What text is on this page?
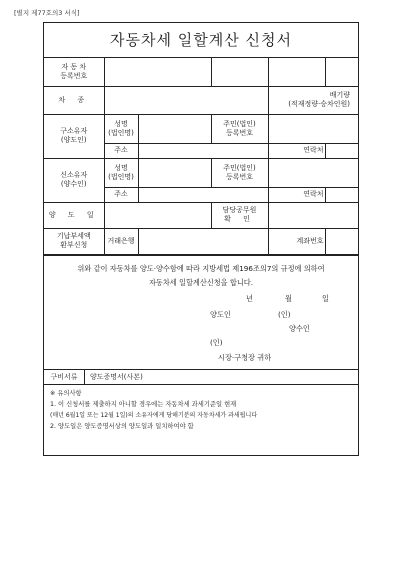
[별지 제77호의3 서식]
자동차세 일할계산 신청서
자 동 차
등록번호					

차 종				배기량
(적재정량·승차인원)	

구소유자
(양도인)	성명
(법인명)		주민(법인)
등록번호		

	주소			연락처	

신소유자
(양수인)	성명
(법인명)		주민(법인)
등록번호		

	주소			연락처	
양 도 일			담당공무원
확 인		

기납부세액
환부신청	거래은행			계좌번호	
위와 같이 자동차를 양도·양수함에 따라 지방세법 제196조의7의 규정에 의하여
자동차세 일할계산신청을 합니다.
년	월	일
양도인	(인)
양수인
(인)
시장·구청장 귀하
구비서류	양도증명서(사본)
※ 유의사항
1. 이 신청서를 제출하지 아니할 경우에는 자동차세 과세기준일 현재
(매년 6월1일 또는 12월 1일)의 소유자에게 당해기분의 자동차세가 과세됩니다
2. 양도일은 양도증명서상의 양도일과 일치하여야 함
